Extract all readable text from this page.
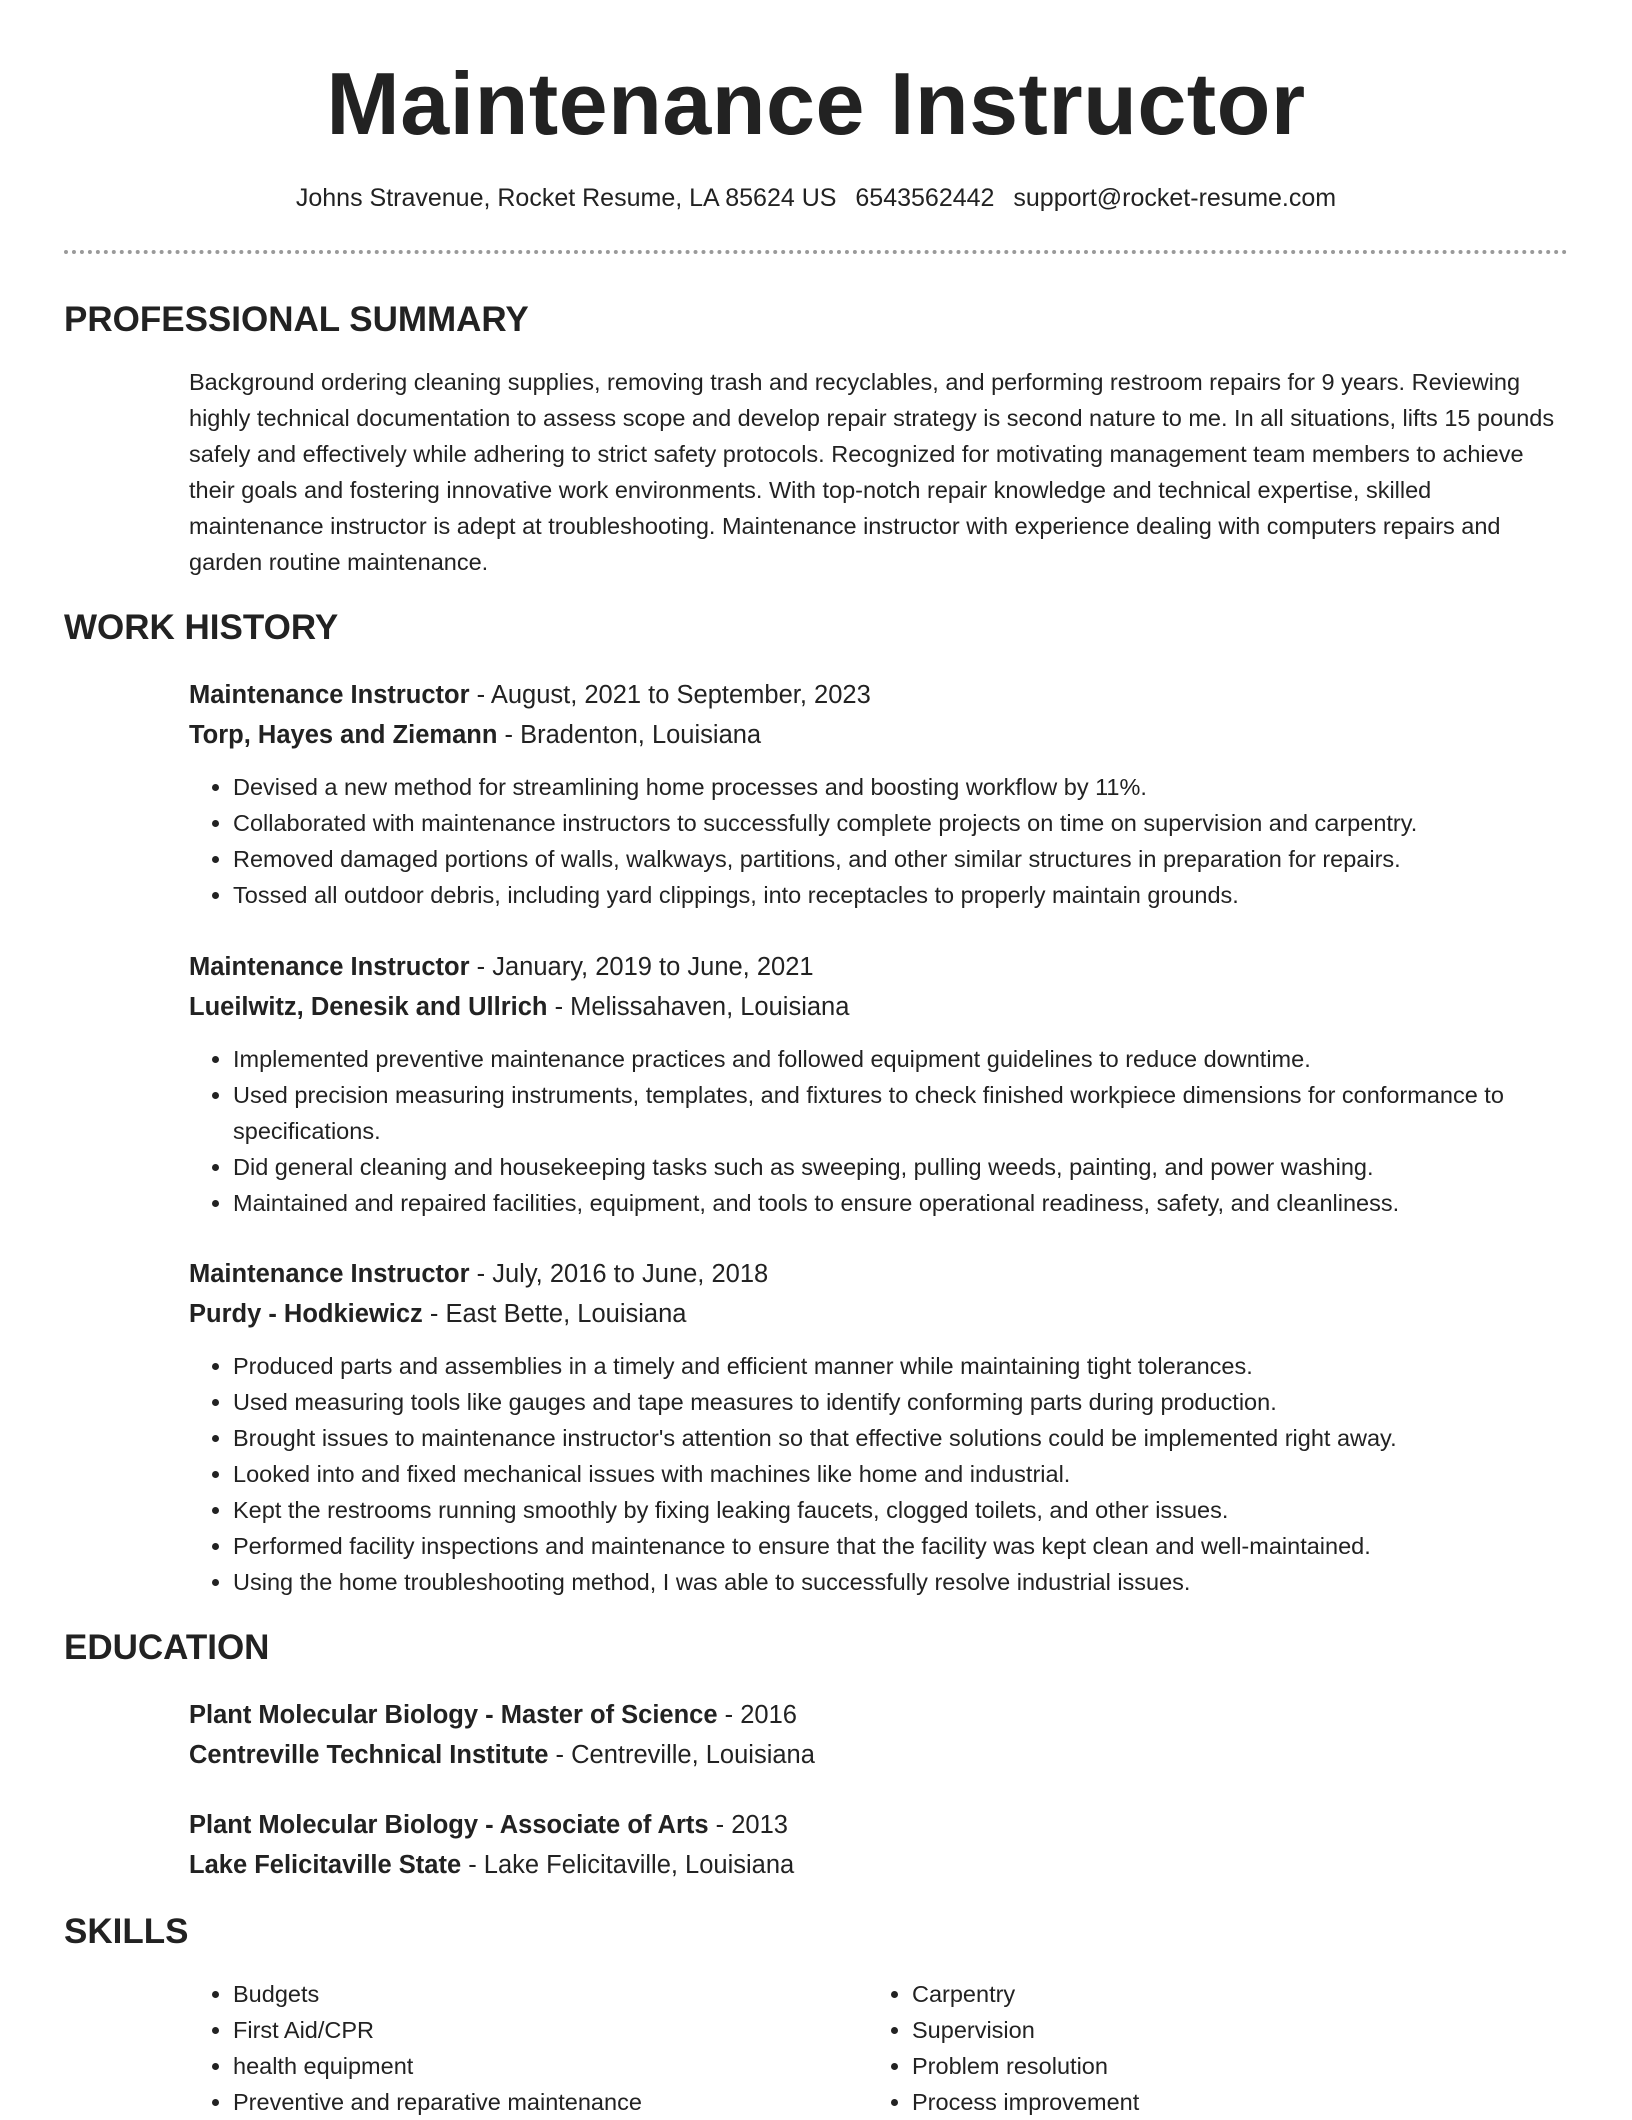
Maintenance Instructor
Johns Stravenue, Rocket Resume, LA 85624 US 6543562442 support@rocket-resume.com
PROFESSIONAL SUMMARY

Background ordering cleaning supplies, removing trash and recyclables, and performing restroom repairs for 9 years. Reviewing highly technical documentation to assess scope and develop repair strategy is second nature to me. In all situations, lifts 15 pounds safely and effectively while adhering to strict safety protocols. Recognized for motivating management team members to achieve their goals and fostering innovative work environments. With top-notch repair knowledge and technical expertise, skilled maintenance instructor is adept at troubleshooting. Maintenance instructor with experience dealing with computers repairs and garden routine maintenance.

WORK HISTORY
Maintenance Instructor - August, 2021 to September, 2023
Torp, Hayes and Ziemann - Bradenton, Louisiana
• Devised a new method for streamlining home processes and boosting workflow by 11%.
• Collaborated with maintenance instructors to successfully complete projects on time on supervision and carpentry.
• Removed damaged portions of walls, walkways, partitions, and other similar structures in preparation for repairs.
• Tossed all outdoor debris, including yard clippings, into receptacles to properly maintain grounds.
Maintenance Instructor - January, 2019 to June, 2021
Lueilwitz, Denesik and Ullrich - Melissahaven, Louisiana
• Implemented preventive maintenance practices and followed equipment guidelines to reduce downtime.
• Used precision measuring instruments, templates, and fixtures to check finished workpiece dimensions for conformance to specifications.
• Did general cleaning and housekeeping tasks such as sweeping, pulling weeds, painting, and power washing.
• Maintained and repaired facilities, equipment, and tools to ensure operational readiness, safety, and cleanliness.
Maintenance Instructor - July, 2016 to June, 2018
Purdy - Hodkiewicz - East Bette, Louisiana
• Produced parts and assemblies in a timely and efficient manner while maintaining tight tolerances.
• Used measuring tools like gauges and tape measures to identify conforming parts during production.
• Brought issues to maintenance instructor's attention so that effective solutions could be implemented right away.
• Looked into and fixed mechanical issues with machines like home and industrial.
• Kept the restrooms running smoothly by fixing leaking faucets, clogged toilets, and other issues.
• Performed facility inspections and maintenance to ensure that the facility was kept clean and well-maintained.
• Using the home troubleshooting method, I was able to successfully resolve industrial issues.
EDUCATION
Plant Molecular Biology - Master of Science - 2016
Centreville Technical Institute - Centreville, Louisiana
Plant Molecular Biology - Associate of Arts - 2013
Lake Felicitaville State - Lake Felicitaville, Louisiana
SKILLS
• Budgets
• First Aid/CPR
• health equipment
• Preventive and reparative maintenance
• Carpentry
• Supervision
• Problem resolution
• Process improvement
